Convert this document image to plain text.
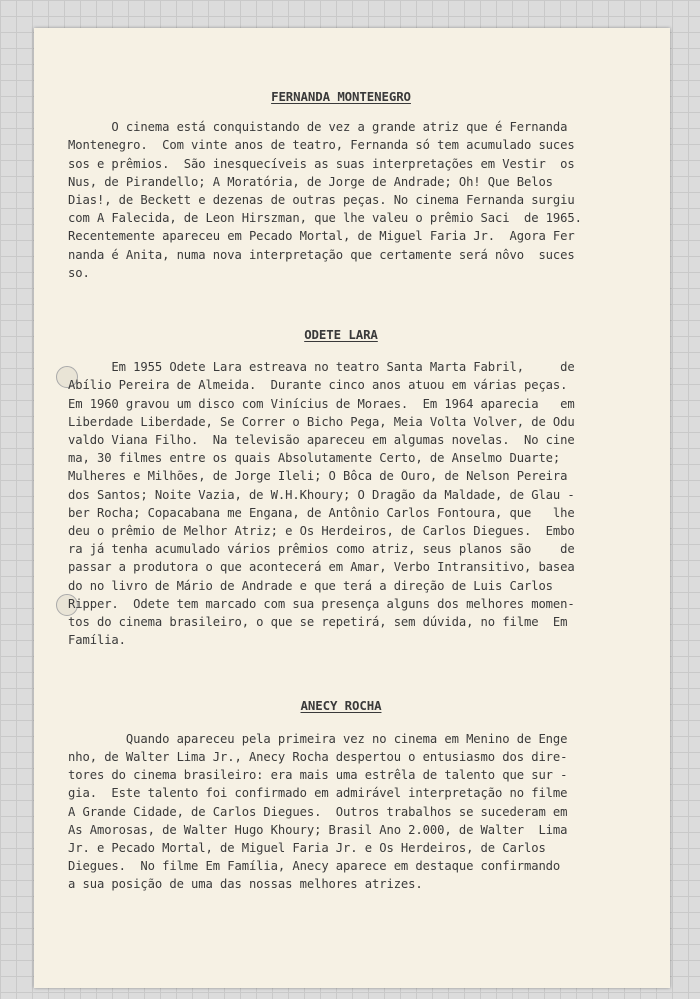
FERNANDA MONTENEGRO
O cinema está conquistando de vez a grande atriz que é Fernanda
Montenegro.  Com vinte anos de teatro, Fernanda só tem acumulado suces
sos e prêmios.  São inesquecíveis as suas interpretações em Vestir  os
Nus, de Pirandello; A Moratória, de Jorge de Andrade; Oh! Que Belos
Dias!, de Beckett e dezenas de outras peças. No cinema Fernanda surgiu
com A Falecida, de Leon Hirszman, que lhe valeu o prêmio Saci  de 1965.
Recentemente apareceu em Pecado Mortal, de Miguel Faria Jr.  Agora Fer
nanda é Anita, numa nova interpretação que certamente será nôvo  suces
so.
ODETE LARA
Em 1955 Odete Lara estreava no teatro Santa Marta Fabril,     de
Abílio Pereira de Almeida.  Durante cinco anos atuou em várias peças.
Em 1960 gravou um disco com Vinícius de Moraes.  Em 1964 aparecia   em
Liberdade Liberdade, Se Correr o Bicho Pega, Meia Volta Volver, de Odu
valdo Viana Filho.  Na televisão apareceu em algumas novelas.  No cine
ma, 30 filmes entre os quais Absolutamente Certo, de Anselmo Duarte;
Mulheres e Milhões, de Jorge Ileli; O Bôca de Ouro, de Nelson Pereira
dos Santos; Noite Vazia, de W.H.Khoury; O Dragão da Maldade, de Glau -
ber Rocha; Copacabana me Engana, de Antônio Carlos Fontoura, que   lhe
deu o prêmio de Melhor Atriz; e Os Herdeiros, de Carlos Diegues.  Embo
ra já tenha acumulado vários prêmios como atriz, seus planos são    de
passar a produtora o que acontecerá em Amar, Verbo Intransitivo, basea
do no livro de Mário de Andrade e que terá a direção de Luis Carlos
Ripper.  Odete tem marcado com sua presença alguns dos melhores momen-
tos do cinema brasileiro, o que se repetirá, sem dúvida, no filme  Em
Família.
ANECY ROCHA
Quando apareceu pela primeira vez no cinema em Menino de Enge
nho, de Walter Lima Jr., Anecy Rocha despertou o entusiasmo dos dire-
tores do cinema brasileiro: era mais uma estrêla de talento que sur -
gia.  Este talento foi confirmado em admirável interpretação no filme
A Grande Cidade, de Carlos Diegues.  Outros trabalhos se sucederam em
As Amorosas, de Walter Hugo Khoury; Brasil Ano 2.000, de Walter  Lima
Jr. e Pecado Mortal, de Miguel Faria Jr. e Os Herdeiros, de Carlos
Diegues.  No filme Em Família, Anecy aparece em destaque confirmando
a sua posição de uma das nossas melhores atrizes.
